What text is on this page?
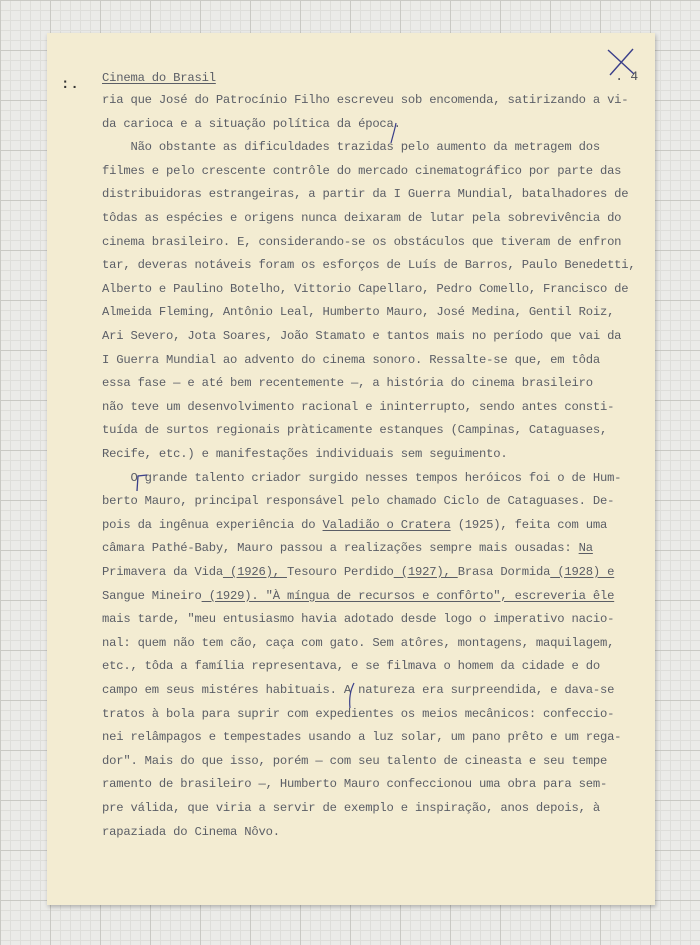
:. Cinema do Brasil	. 4
ria que José do Patrocínio Filho escreveu sob encomenda, satirizando a vi-
da carioca e a situação política da época.
Não obstante as dificuldades trazidas pelo aumento da metragem dos
filmes e pelo crescente contrôle do mercado cinematográfico por parte das
distribuidoras estrangeiras, a partir da I Guerra Mundial, batalhadores de
tôdas as espécies e origens nunca deixaram de lutar pela sobrevivência do
cinema brasileiro. E, considerando-se os obstáculos que tiveram de enfron
tar, deveras notáveis foram os esforços de Luís de Barros, Paulo Benedetti,
Alberto e Paulino Botelho, Vittorio Capellaro, Pedro Comello, Francisco de
Almeida Fleming, Antônio Leal, Humberto Mauro, José Medina, Gentil Roiz,
Ari Severo, Jota Soares, João Stamato e tantos mais no período que vai da
I Guerra Mundial ao advento do cinema sonoro. Ressalte-se que, em tôda
essa fase — e até bem recentemente —, a história do cinema brasileiro
não teve um desenvolvimento racional e ininterrupto, sendo antes consti-
tuída de surtos regionais pràticamente estanques (Campinas, Cataguases,
Recife, etc.) e manifestações individuais sem seguimento.
O grande talento criador surgido nesses tempos heróicos foi o de Hum-
berto Mauro, principal responsável pelo chamado Ciclo de Cataguases. De-
pois da ingênua experiência do Valadião o Cratera (1925), feita com uma
câmara Pathé-Baby, Mauro passou a realizações sempre mais ousadas: Na
Primavera da Vida (1926), Tesouro Perdido (1927), Brasa Dormida (1928) e
Sangue Mineiro (1929). "À míngua de recursos e confôrto", escreveria êle
mais tarde, "meu entusiasmo havia adotado desde logo o imperativo nacio-
nal: quem não tem cão, caça com gato. Sem atôres, montagens, maquilagem,
etc., tôda a família representava, e se filmava o homem da cidade e do
campo em seus mistéres habituais. A natureza era surpreendida, e dava-se
tratos à bola para suprir com expedientes os meios mecânicos: confeccio-
nei relâmpagos e tempestades usando a luz solar, um pano prêto e um rega-
dor". Mais do que isso, porém — com seu talento de cineasta e seu tempe
ramento de brasileiro —, Humberto Mauro confeccionou uma obra para sem-
pre válida, que viria a servir de exemplo e inspiração, anos depois, à
rapaziada do Cinema Nôvo.
